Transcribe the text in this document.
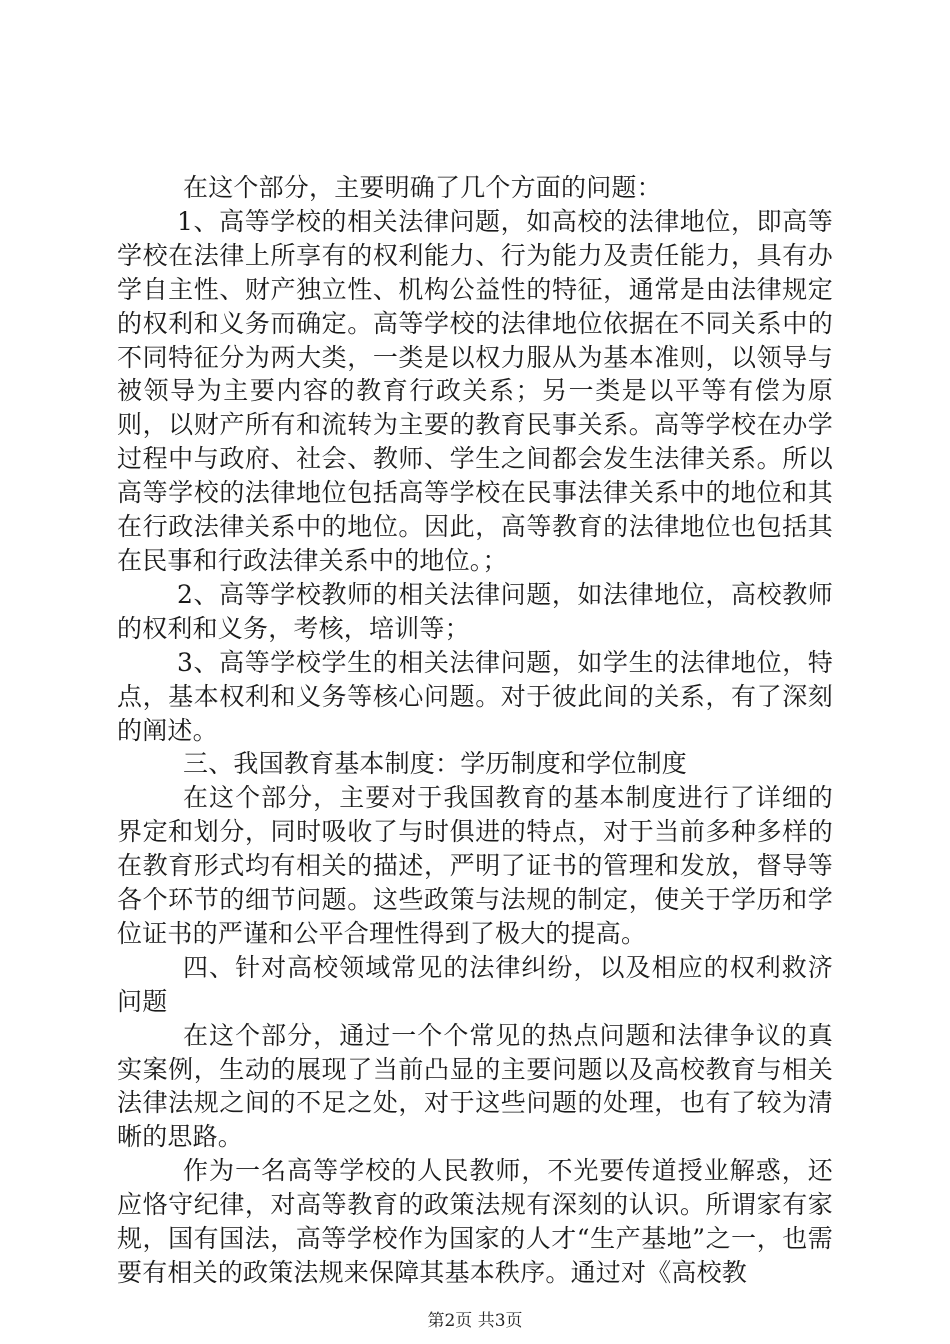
在这个部分，主要明确了几个方面的问题：

1、高等学校的相关法律问题，如高校的法律地位，即高等学校在法律上所享有的权利能力、行为能力及责任能力，具有办学自主性、财产独立性、机构公益性的特征，通常是由法律规定的权利和义务而确定。高等学校的法律地位依据在不同关系中的不同特征分为两大类，一类是以权力服从为基本准则，以领导与被领导为主要内容的教育行政关系；另一类是以平等有偿为原则，以财产所有和流转为主要的教育民事关系。高等学校在办学过程中与政府、社会、教师、学生之间都会发生法律关系。所以高等学校的法律地位包括高等学校在民事法律关系中的地位和其在行政法律关系中的地位。因此，高等教育的法律地位也包括其在民事和行政法律关系中的地位。；

2、高等学校教师的相关法律问题，如法律地位，高校教师的权利和义务，考核，培训等；

3、高等学校学生的相关法律问题，如学生的法律地位，特点，基本权利和义务等核心问题。对于彼此间的关系，有了深刻的阐述。

三、我国教育基本制度：学历制度和学位制度

在这个部分，主要对于我国教育的基本制度进行了详细的界定和划分，同时吸收了与时俱进的特点，对于当前多种多样的在教育形式均有相关的描述，严明了证书的管理和发放，督导等各个环节的细节问题。这些政策与法规的制定，使关于学历和学位证书的严谨和公平合理性得到了极大的提高。

四、针对高校领域常见的法律纠纷，以及相应的权利救济问题

在这个部分，通过一个个常见的热点问题和法律争议的真实案例，生动的展现了当前凸显的主要问题以及高校教育与相关法律法规之间的不足之处，对于这些问题的处理，也有了较为清晰的思路。

作为一名高等学校的人民教师，不光要传道授业解惑，还应恪守纪律，对高等教育的政策法规有深刻的认识。所谓家有家规，国有国法，高等学校作为国家的人才“生产基地”之一，也需要有相关的政策法规来保障其基本秩序。通过对《高校教

第2页 共3页
